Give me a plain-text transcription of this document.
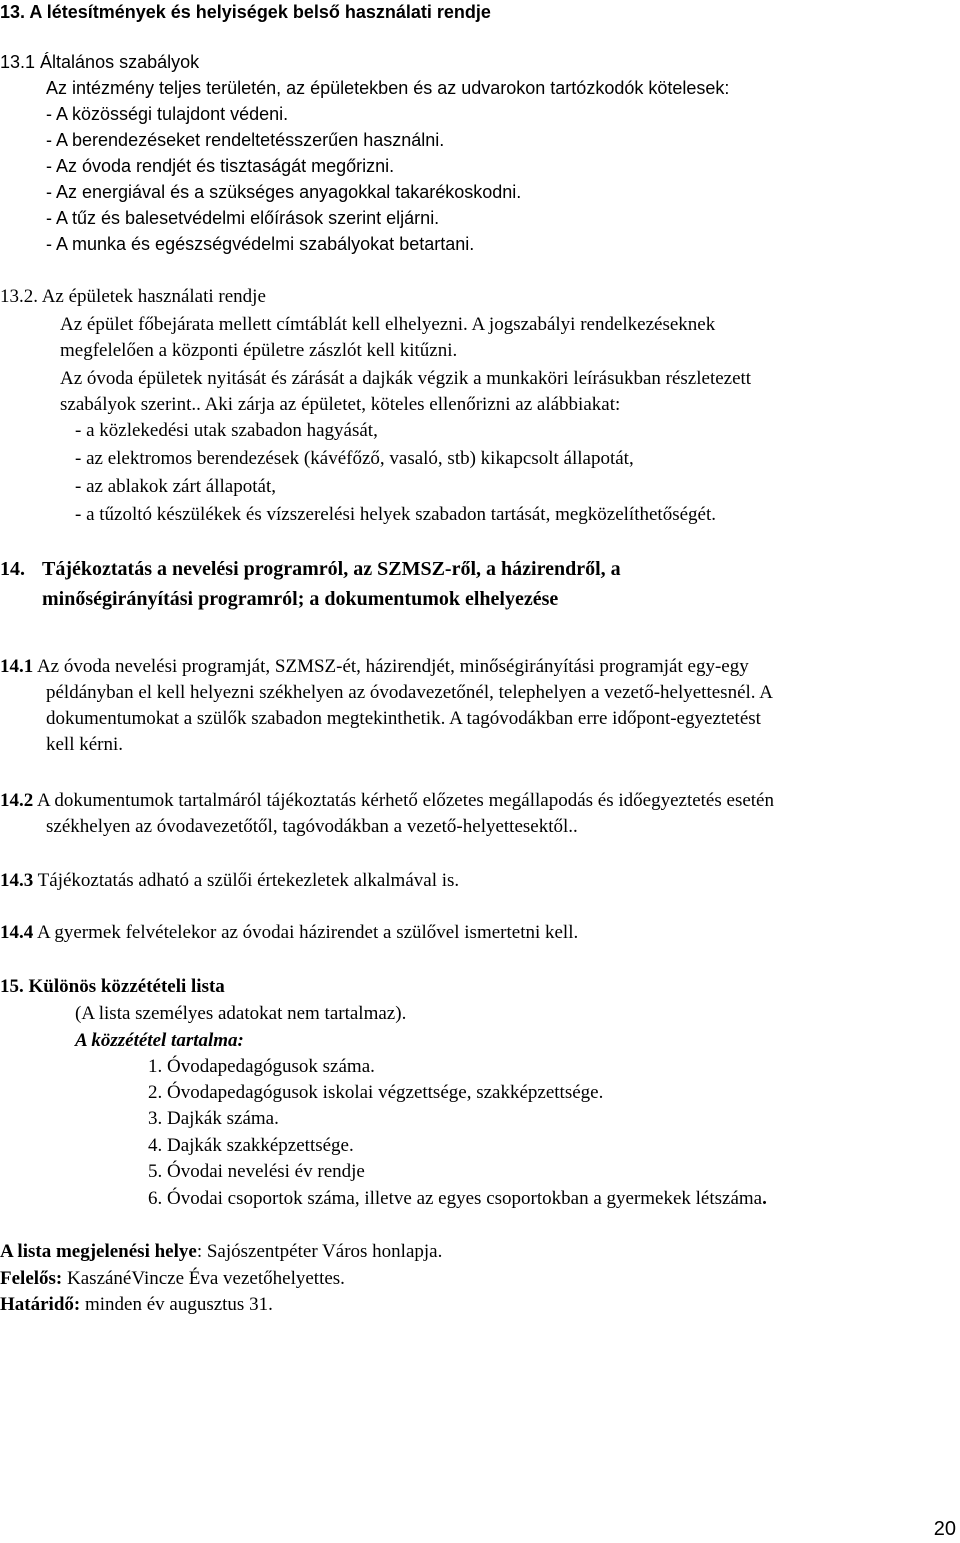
13. A létesítmények és helyiségek belső használati rendje
13.1 Általános szabályok
Az intézmény teljes területén, az épületekben és az udvarokon tartózkodók kötelesek:
- A közösségi tulajdont védeni.
- A berendezéseket rendeltetésszerűen használni.
- Az óvoda rendjét és tisztaságát megőrizni.
- Az energiával és a szükséges anyagokkal takarékoskodni.
- A tűz és balesetvédelmi előírások szerint eljárni.
- A munka és egészségvédelmi szabályokat betartani.
13.2. Az épületek használati rendje
Az épület főbejárata mellett címtáblát kell elhelyezni. A jogszabályi rendelkezéseknek
megfelelően a központi épületre zászlót kell kitűzni.
Az óvoda épületek nyitását és zárását a dajkák végzik a munkaköri leírásukban részletezett
szabályok szerint.. Aki zárja az épületet, köteles ellenőrizni az alábbiakat:
- a közlekedési utak szabadon hagyását,
- az elektromos berendezések (kávéfőző, vasaló, stb) kikapcsolt állapotát,
- az ablakok zárt állapotát,
- a tűzoltó készülékek és vízszerelési helyek szabadon tartását, megközelíthetőségét.
14. Tájékoztatás a nevelési programról, az SZMSZ-ről, a házirendről, a
minőségirányítási programról; a dokumentumok elhelyezése
14.1 Az óvoda nevelési programját, SZMSZ-ét, házirendjét, minőségirányítási programját egy-egy
példányban el kell helyezni székhelyen az óvodavezetőnél, telephelyen a vezető-helyettesnél. A
dokumentumokat a szülők szabadon megtekinthetik. A tagóvodákban erre időpont-egyeztetést
kell kérni.
14.2 A dokumentumok tartalmáról tájékoztatás kérhető előzetes megállapodás és időegyeztetés esetén
székhelyen az óvodavezetőtől, tagóvodákban a vezető-helyettesektől..
14.3 Tájékoztatás adható a szülői értekezletek alkalmával is.
14.4 A gyermek felvételekor az óvodai házirendet a szülővel ismertetni kell.
15. Különös közzétételi lista
(A lista személyes adatokat nem tartalmaz).
A közzététel tartalma:
1. Óvodapedagógusok száma.
2. Óvodapedagógusok iskolai végzettsége, szakképzettsége.
3. Dajkák száma.
4. Dajkák szakképzettsége.
5. Óvodai nevelési év rendje
6. Óvodai csoportok száma, illetve az egyes csoportokban a gyermekek létszáma.
A lista megjelenési helye: Sajószentpéter Város honlapja.
Felelős: KaszánéVincze Éva vezetőhelyettes.
Határidő: minden év augusztus 31.
20
